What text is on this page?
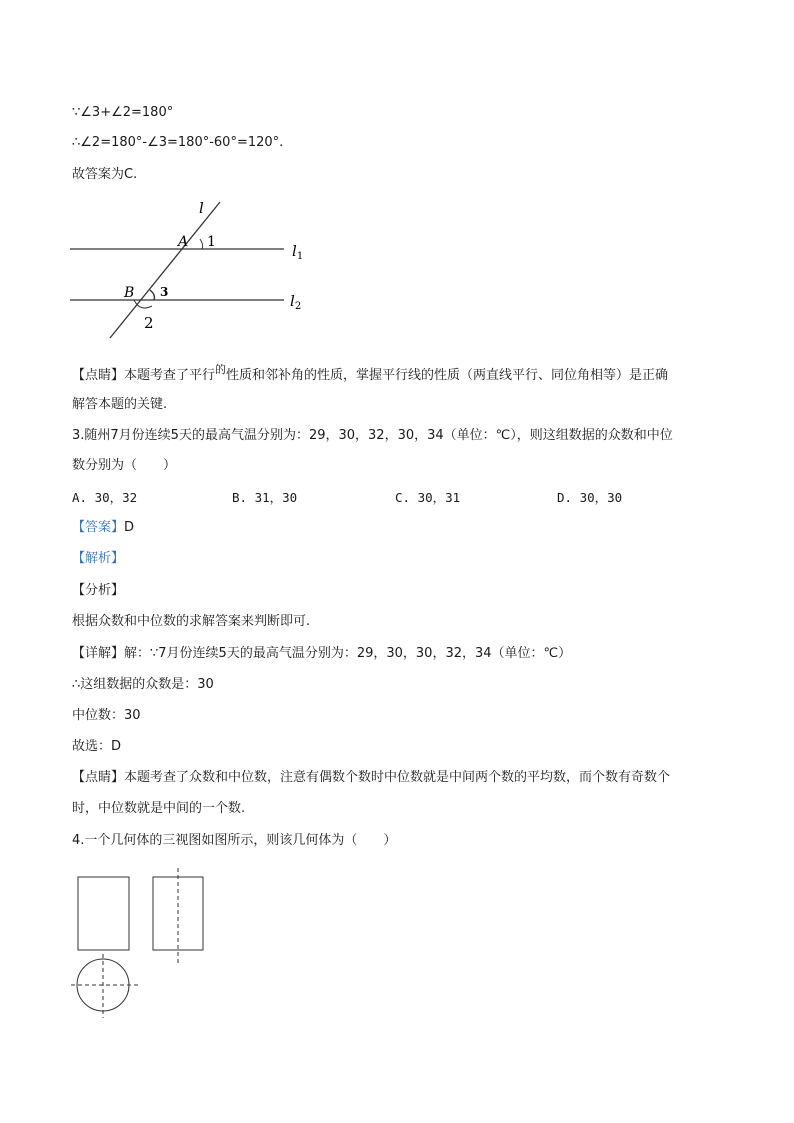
∵∠3+∠2=180°
∴∠2=180°-∠3=180°-60°=120°.
故答案为C.
l
A 1	$l_1$
B 3
2
$l_2$
【点睛】本题考查了平行$^的$性质和邻补角的性质，掌握平行线的性质（两直线平行、同位角相等）是正确
解答本题的关键.
3.随州7月份连续5天的最高气温分别为：29，30，32，30，34（单位：℃），则这组数据的众数和中位
数分别为（　　）
A. 30，32	B. 31，30	C. 30，31	D. 30，30
【答案】D
【解析】
【分析】
根据众数和中位数的求解答案来判断即可.
【详解】解：∵7月份连续5天的最高气温分别为：29，30，30，32，34（单位：℃）
∴这组数据的众数是：30
中位数：30
故选：D
【点睛】本题考查了众数和中位数，注意有偶数个数时中位数就是中间两个数的平均数，而个数有奇数个
时，中位数就是中间的一个数.
4.一个几何体的三视图如图所示，则该几何体为（　　）
